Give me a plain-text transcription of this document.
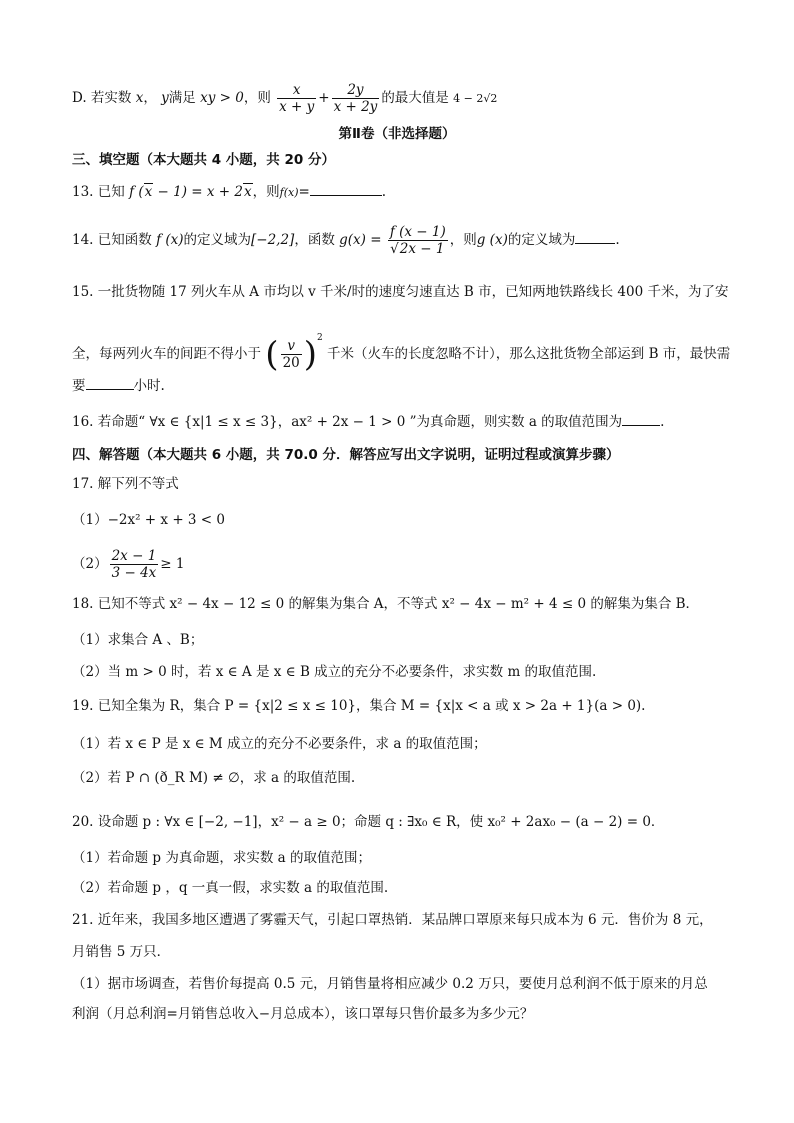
D. 若实数 x， y满足 xy > 0，则 $\frac{x}{x + y} + \frac{2y}{x + 2y}$ 的最大值是 4 − 2√2
第Ⅱ卷（非选择题）
三、填空题（本大题共 4 小题，共 20 分）
13. 已知 f (x − 1) = x + 2x，则f(x)=	.
14. 已知函数 f (x)的定义域为[−2,2]，函数 $g(x) = \frac{f (x - 1)}{√2x - 1}$ ，则g (x)的定义域为	.
15. 一批货物随 17 列火车从 A 市均以 v 千米/时的速度匀速直达 B 市，已知两地铁路线长 400 千米，为了安
全，每两列火车的间距不得小于 ( $\frac{v}{20} )^2$ 千米（火车的长度忽略不计），那么这批货物全部运到 B 市，最快需
要	小时.
16. 若命题“ ∀x ∈ {x|1 ≤ x ≤ 3}，ax² + 2x − 1 > 0 ”为真命题，则实数 a 的取值范围为	.
四、解答题（本大题共 6 小题，共 70.0 分．解答应写出文字说明，证明过程或演算步骤）
17. 解下列不等式
（1）−2x² + x + 3 < 0
$(2) \frac{2x - 1}{3 - 4x} \ge 1$
18. 已知不等式 x² − 4x − 12 ≤ 0 的解集为集合 A，不等式 x² − 4x − m² + 4 ≤ 0 的解集为集合 B．
（1）求集合 A 、B；
（2）当 m > 0 时，若 x ∈ A 是 x ∈ B 成立的充分不必要条件，求实数 m 的取值范围.
19. 已知全集为 R，集合 P = {x|2 ≤ x ≤ 10}，集合 M = {x|x < a 或 x > 2a + 1}(a > 0).
（1）若 x ∈ P 是 x ∈ M 成立的充分不必要条件，求 a 的取值范围；
（2）若 P ∩ (ð_R M) ≠ ∅，求 a 的取值范围.
20. 设命题 p : ∀x ∈ [−2, −1]，x² − a ≥ 0；命题 q : ∃x₀ ∈ R，使 x₀² + 2ax₀ − (a − 2) = 0．
（1）若命题 p 为真命题，求实数 a 的取值范围；
（2）若命题 p ，q 一真一假，求实数 a 的取值范围.
21. 近年来，我国多地区遭遇了雾霾天气，引起口罩热销．某品牌口罩原来每只成本为 6 元．售价为 8 元，
月销售 5 万只．
（1）据市场调查，若售价每提高 0.5 元，月销售量将相应减少 0.2 万只，要使月总利润不低于原来的月总
利润（月总利润=月销售总收入−月总成本），该口罩每只售价最多为多少元？
